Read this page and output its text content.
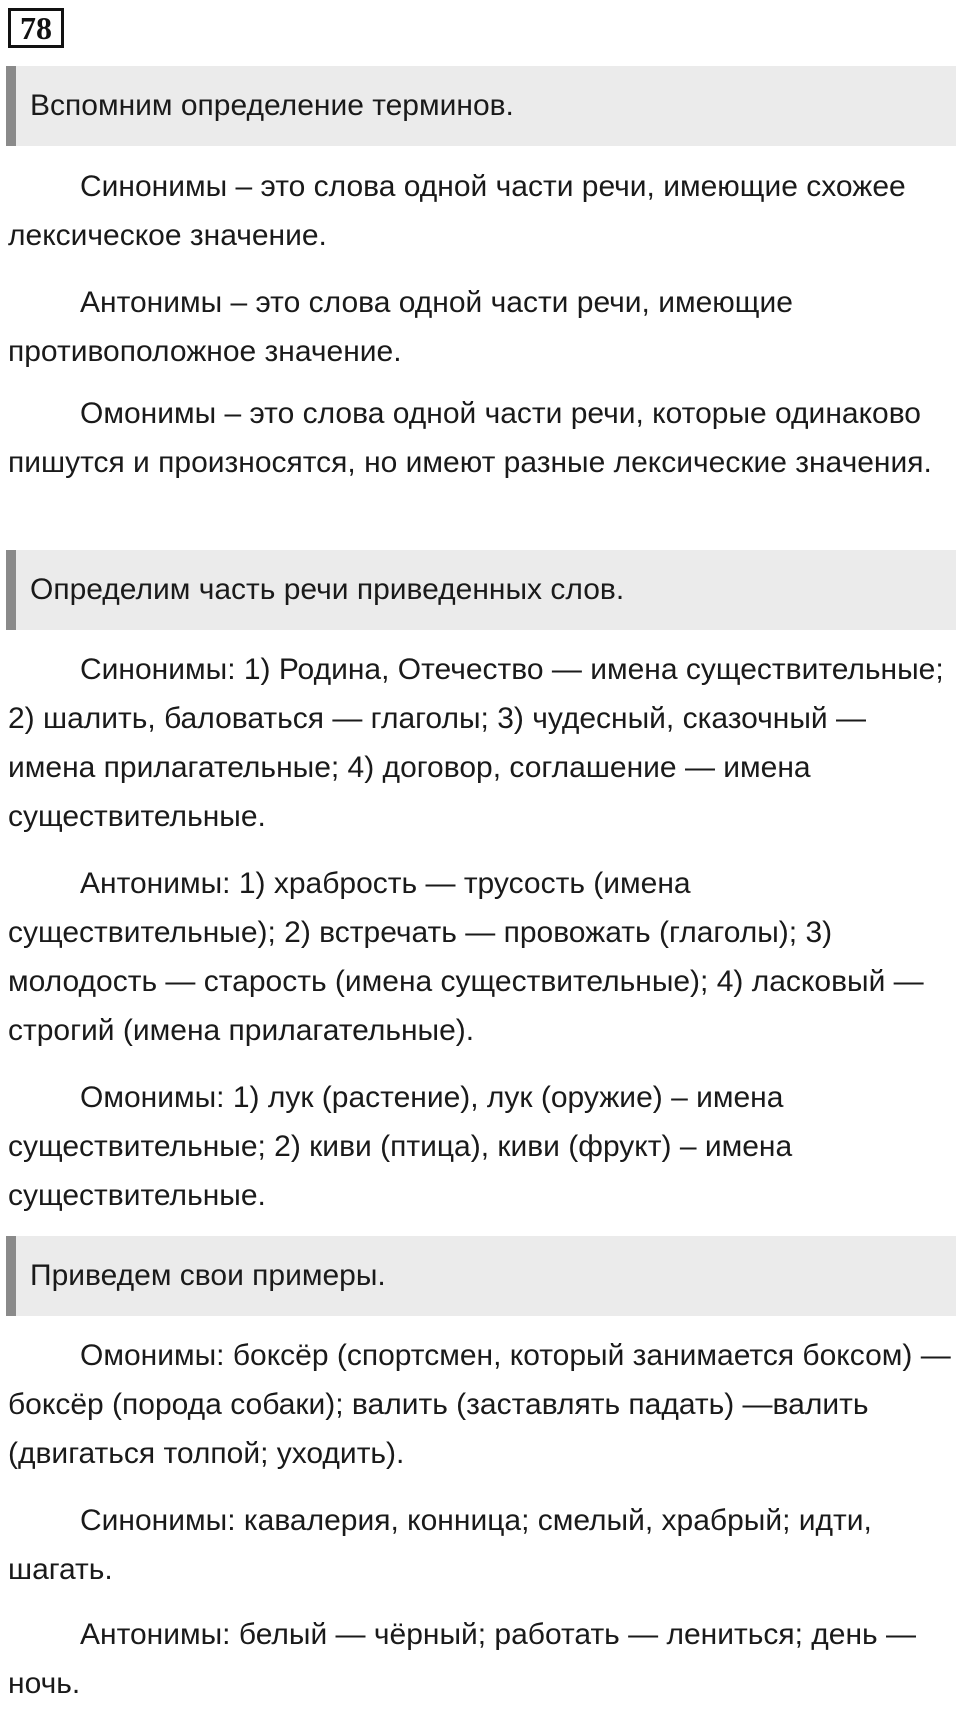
78
Вспомним определение терминов.

Синонимы – это слова одной части речи, имеющие схожее лексическое значение.

Антонимы – это слова одной части речи, имеющие противоположное значение.

Омонимы – это слова одной части речи, которые одинаково пишутся и произносятся, но имеют разные лексические значения.

Определим часть речи приведенных слов.

Синонимы: 1) Родина, Отечество — имена существительные; 2) шалить, баловаться — глаголы; 3) чудесный, сказочный — имена прилагательные; 4) договор, соглашение — имена существительные.

Антонимы: 1) храбрость — трусость (имена существительные); 2) встречать — провожать (глаголы); 3) молодость — старость (имена существительные); 4) ласковый — строгий (имена прилагательные).

Омонимы: 1) лук (растение), лук (оружие) – имена существительные; 2) киви (птица), киви (фрукт) – имена существительные.

Приведем свои примеры.

Омонимы: боксёр (спортсмен, который занимается боксом) — боксёр (порода собаки); валить (заставлять падать) —валить (двигаться толпой; уходить).

Синонимы: кавалерия, конница; смелый, храбрый; идти, шагать.

Антонимы: белый — чёрный; работать — лениться; день — ночь.
